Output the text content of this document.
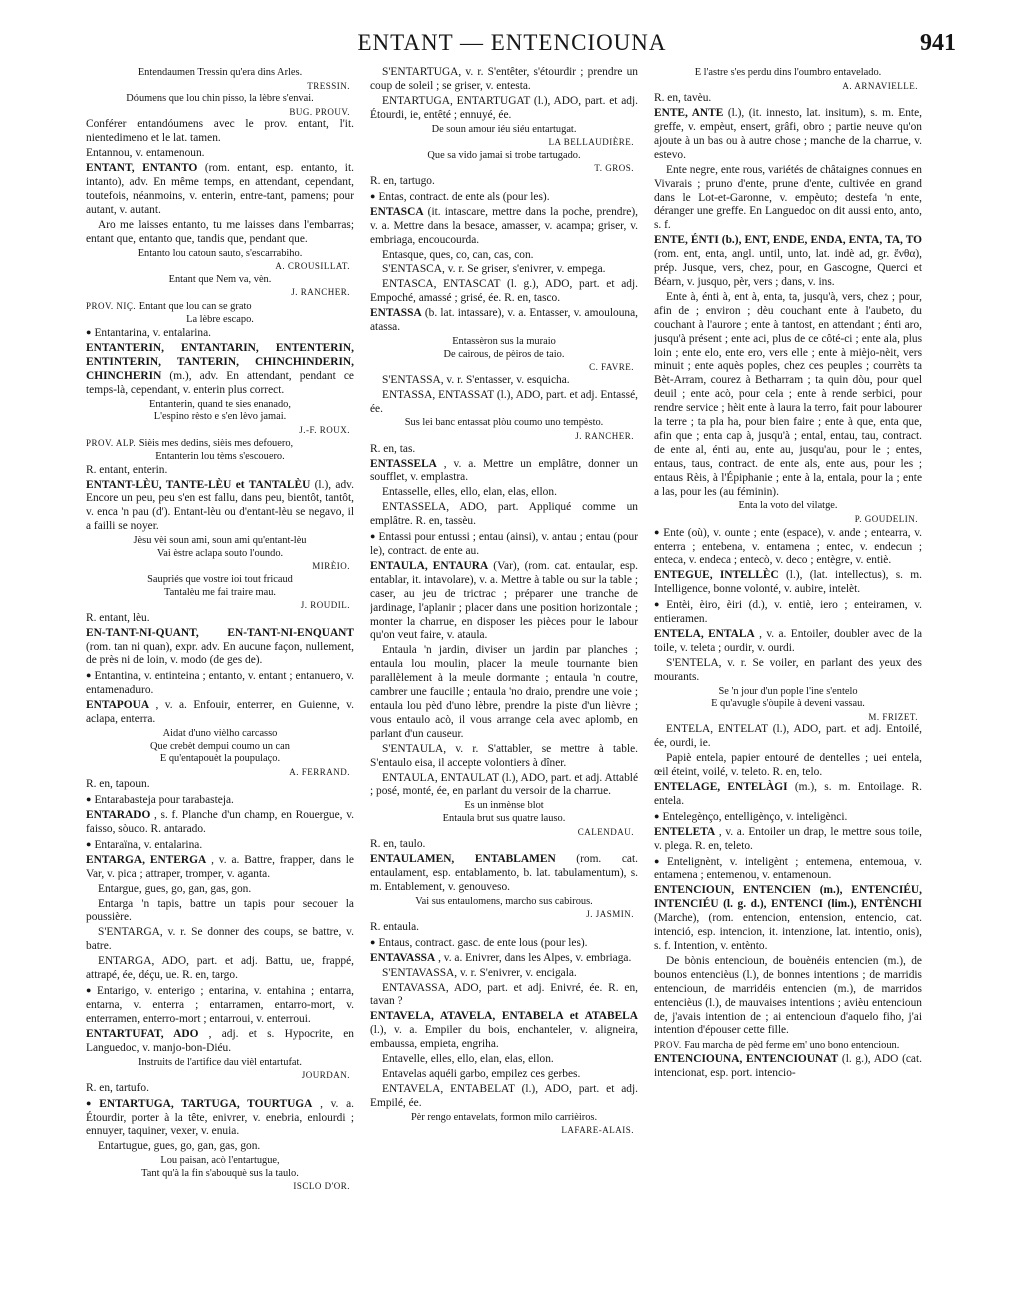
ENTANT — ENTENCIOUNA	941
Entendaumen Tressin qu'era dins Arles.
TRESSIN.
Dóumens que lou chin pisso, la lèbre s'envai.
BUG. PROUV.
Conférer entandóumens avec le prov. entant, l'it. nientedimeno et le lat. tamen.
Entannou, v. entamenoun.
ENTANT, ENTANTO (rom. entant, esp. entanto, it. intanto), adv. En même temps, en attendant, cependant, toutefois, néanmoins, v. enterin, entre-tant, pamens; pour autant, v. autant.
Aro me laisses entanto, tu me laisses dans l'embarras; entant que, entanto que, tandis que, pendant que.
Entanto lou catoun sauto, s'escarrabiho.
A. CROUSILLAT.
Entant que Nem va, vèn.
J. RANCHER.
PROV. NIÇ. Entant que lou can se grato
La lèbre escapo.
● Entantarina, v. entalarina.
ENTANTERIN, ENTANTARIN, ENTENTERIN, ENTINTERIN, TANTERIN, CHINCHINDERIN, CHINCHERIN (m.), adv. En attendant, pendant ce temps-là, cependant, v. enterin plus correct.
Entanterin, quand te sies enanado,
L'espino rèsto e s'en lèvo jamai.
J.-F. ROUX.
PROV. ALP. Sièis mes dedins, sièis mes defouero,
Entanterin lou tèms s'escouero.
R. entant, enterin.
ENTANT-LÈU, TANTE-LÈU et TANTALÈU (l.), adv. Encore un peu, peu s'en est fallu, dans peu, bientôt, tantôt, v. enca 'n pau (d'). Entant-lèu ou d'entant-lèu se negavo, il a failli se noyer.
Jèsu vèi soun ami, soun ami qu'entant-lèu
Vai èstre aclapa souto l'oundo.
MIRÈIO.
Saupriés que vostre ioi tout fricaud
Tantalèu me fai traire mau.
J. ROUDIL.
R. entant, lèu.
EN-TANT-NI-QUANT, EN-TANT-NI-ENQUANT (rom. tan ni quan), expr. adv. En aucune façon, nullement, de près ni de loin, v. modo (de ges de).
● Entantina, v. entinteina ; entanto, v. entant ; entanuero, v. entamenaduro.
ENTAPOUA , v. a. Enfouir, enterrer, en Guienne, v. aclapa, enterra.
Aidat d'uno vièlho carcasso
Que crebèt dempui coumo un can
E qu'entapouèt la poupulaço.
A. FERRAND.
R. en, tapoun.
● Entarabasteja pour tarabasteja.
ENTARADO , s. f. Planche d'un champ, en Rouergue, v. faisso, sòuco. R. antarado.
● Entaraïna, v. entalarina.
ENTARGA, ENTERGA , v. a. Battre, frapper, dans le Var, v. pica ; attraper, tromper, v. aganta.
Entargue, gues, go, gan, gas, gon.
Entarga 'n tapis, battre un tapis pour secouer la poussière.
S'ENTARGA, v. r. Se donner des coups, se battre, v. batre.
ENTARGA, ADO, part. et adj. Battu, ue, frappé, attrapé, ée, déçu, ue. R. en, targo.
● Entarigo, v. enterigo ; entarina, v. entahina ; entarra, entarna, v. enterra ; entarramen, entarro-mort, v. enterramen, enterro-mort ; entarroui, v. enterroui.
ENTARTUFAT, ADO , adj. et s. Hypocrite, en Languedoc, v. manjo-bon-Diéu.
Instruits de l'artifice dau vièl entartufat.
JOURDAN.
R. en, tartufo.
● ENTARTUGA, TARTUGA, TOURTUGA , v. a. Étourdir, porter à la tête, enivrer, v. enebria, enlourdi ; ennuyer, taquiner, vexer, v. enuia.
Entartugue, gues, go, gan, gas, gon.
Lou paisan, acò l'entartugue,
Tant qu'à la fin s'abouquè sus la taulo.
ISCLO D'OR.
S'ENTARTUGA, v. r. S'entêter, s'étourdir ; prendre un coup de soleil ; se griser, v. entesta.
ENTARTUGA, ENTARTUGAT (l.), ADO, part. et adj. Étourdi, ie, entêté ; ennuyé, ée.
De soun amour iéu siéu entartugat.
LA BELLAUDIÈRE.
Que sa vido jamai si trobe tartugado.
T. GROS.
R. en, tartugo.
● Entas, contract. de ente als (pour les).
ENTASCA (it. intascare, mettre dans la poche, prendre), v. a. Mettre dans la besace, amasser, v. acampa; griser, v. embriaga, encoucourda.
Entasque, ques, co, can, cas, con.
S'ENTASCA, v. r. Se griser, s'enivrer, v. empega.
ENTASCA, ENTASCAT (l. g.), ADO, part. et adj. Empoché, amassé ; grisé, ée. R. en, tasco.
ENTASSA (b. lat. intassare), v. a. Entasser, v. amoulouna, atassa.
Entassèron sus la muraio
De cairous, de pèiros de taio.
C. FAVRE.
S'ENTASSA, v. r. S'entasser, v. esquicha.
ENTASSA, ENTASSAT (l.), ADO, part. et adj. Entassé, ée.
Sus lei banc entassat plòu coumo uno tempèsto.
J. RANCHER.
R. en, tas.
ENTASSELA , v. a. Mettre un emplâtre, donner un soufflet, v. emplastra.
Entasselle, elles, ello, elan, elas, ellon.
ENTASSELA, ADO, part. Appliqué comme un emplâtre. R. en, tassèu.
● Entassi pour entussi ; entau (ainsi), v. antau ; entau (pour le), contract. de ente au.
ENTAULA, ENTAURA (Var), (rom. cat. entaular, esp. entablar, it. intavolare), v. a. Mettre à table ou sur la table ; caser, au jeu de trictrac ; préparer une tranche de jardinage, l'aplanir ; placer dans une position horizontale ; monter la charrue, en disposer les pièces pour le labour qu'on veut faire, v. ataula.
Entaula 'n jardin, diviser un jardin par planches ; entaula lou moulin, placer la meule tournante bien parallèlement à la meule dormante ; entaula 'n coutre, cambrer une faucille ; entaula 'no draio, prendre une voie ; entaula lou pèd d'uno lèbre, prendre la piste d'un lièvre ; vous entaulo acò, il vous arrange cela avec aplomb, en parlant d'un causeur.
S'ENTAULA, v. r. S'attabler, se mettre à table. S'entaulo eisa, il accepte volontiers à dîner.
ENTAULA, ENTAULAT (l.), ADO, part. et adj. Attablé ; posé, monté, ée, en parlant du versoir de la charrue.
Es un inmènse blot
Entaula brut sus quatre lauso.
CALENDAU.
R. en, taulo.
ENTAULAMEN, ENTABLAMEN (rom. cat. entaulament, esp. entablamento, b. lat. tabulamentum), s. m. Entablement, v. genouveso.
Vai sus entaulomens, marcho sus cabirous.
J. JASMIN.
R. entaula.
● Entaus, contract. gasc. de ente lous (pour les).
ENTAVASSA , v. a. Enivrer, dans les Alpes, v. embriaga.
S'ENTAVASSA, v. r. S'enivrer, v. encigala.
ENTAVASSA, ADO, part. et adj. Enivré, ée. R. en, tavan ?
ENTAVELA, ATAVELA, ENTABELA et ATABELA (l.), v. a. Empiler du bois, enchanteler, v. aligneira, embaussa, empieta, engriha.
Entavelle, elles, ello, elan, elas, ellon.
Entavelas aquéli garbo, empilez ces gerbes.
ENTAVELA, ENTABELAT (l.), ADO, part. et adj. Empilé, ée.
Pèr rengo entavelats, formon milo carrièiros.
LAFARE-ALAIS.
E l'astre s'es perdu dins l'oumbro entavelado.
A. ARNAVIELLE.
R. en, tavèu.
ENTE, ANTE (l.), (it. innesto, lat. insitum), s. m. Ente, greffe, v. empèut, ensert, grâfi, obro ; partie neuve qu'on ajoute à un bas ou à autre chose ; manche de la charrue, v. estevo.
Ente negre, ente rous, variétés de châtaignes connues en Vivarais ; pruno d'ente, prune d'ente, cultivée en grand dans le Lot-et-Garonne, v. empèuto; destefa 'n ente, déranger une greffe. En Languedoc on dit aussi ento, anto, s. f.
ENTE, ÉNTI (b.), ENT, ENDE, ENDA, ENTA, TA, TO (rom. ent, enta, angl. until, unto, lat. indè ad, gr. ἔνθα), prép. Jusque, vers, chez, pour, en Gascogne, Querci et Béarn, v. jusquo, pèr, vers ; dans, v. ins.
Ente à, énti à, ent à, enta, ta, jusqu'à, vers, chez ; pour, afin de ; environ ; dèu couchant ente à l'aubeto, du couchant à l'aurore ; ente à tantost, en attendant ; énti aro, jusqu'à présent ; ente aci, plus de ce côté-ci ; ente ala, plus loin ; ente elo, ente ero, vers elle ; ente à mièjo-nèit, vers minuit ; ente aquès poples, chez ces peuples ; courrèts ta Bèt-Arram, courez à Betharram ; ta quin dòu, pour quel deuil ; ente acò, pour cela ; ente à rende serbici, pour rendre service ; hèit ente à laura la terro, fait pour labourer la terre ; ta pla ha, pour bien faire ; ente à que, enta que, afin que ; enta cap à, jusqu'à ; ental, entau, tau, contract. de ente al, énti au, ente au, jusqu'au, pour le ; entes, entaus, taus, contract. de ente als, ente aus, pour les ; entaus Rèis, à l'Épiphanie ; ente à la, entala, pour la ; ente a las, pour les (au féminin).
Enta la voto del vilatge.
P. GOUDELIN.
● Ente (où), v. ounte ; ente (espace), v. ande ; entearra, v. enterra ; entebena, v. entamena ; entec, v. endecun ; enteca, v. endeca ; entecò, v. deco ; entègre, v. entiè.
ENTEGUE, INTELLÈC (l.), (lat. intellectus), s. m. Intelligence, bonne volonté, v. aubire, intelèt.
● Entèi, èiro, èiri (d.), v. entiè, iero ; enteiramen, v. entieramen.
ENTELA, ENTALA , v. a. Entoiler, doubler avec de la toile, v. teleta ; ourdir, v. ourdi.
S'ENTELA, v. r. Se voiler, en parlant des yeux des mourants.
Se 'n jour d'un pople l'ine s'entelo
E qu'avugle s'òupile à deveni vassau.
M. FRIZET.
ENTELA, ENTELAT (l.), ADO, part. et adj. Entoilé, ée, ourdi, ie.
Papiè entela, papier entouré de dentelles ; uei entela, œil éteint, voilé, v. teleto. R. en, telo.
ENTELAGE, ENTELÀGI (m.), s. m. Entoilage. R. entela.
● Entelegènço, entelligènço, v. inteligènci.
ENTELETA , v. a. Entoiler un drap, le mettre sous toile, v. plega. R. en, teleto.
● Entelignènt, v. inteligènt ; entemena, entemoua, v. entamena ; entemenou, v. entamenoun.
ENTENCIOUN, ENTENCIEN (m.), ENTENCIÉU, INTENCIÉU (l. g. d.), ENTENCI (lim.), ENTÈNCHI (Marche), (rom. entencion, entension, entencio, cat. intenció, esp. intencion, it. intenzione, lat. intentio, onis), s. f. Intention, v. entènto.
De bònis entencioun, de bouènéis entencien (m.), de bounos entencièus (l.), de bonnes intentions ; de marridis entencioun, de marridéis entencien (m.), de marridos entencièus (l.), de mauvaises intentions ; avièu entencioun de, j'avais intention de ; ai entencioun d'aquelo fiho, j'ai intention d'épouser cette fille.
PROV. Fau marcha de pèd ferme em' uno bono entencioun.
ENTENCIOUNA, ENTENCIOUNAT (l. g.), ADO (cat. intencionat, esp. port. intencio-
